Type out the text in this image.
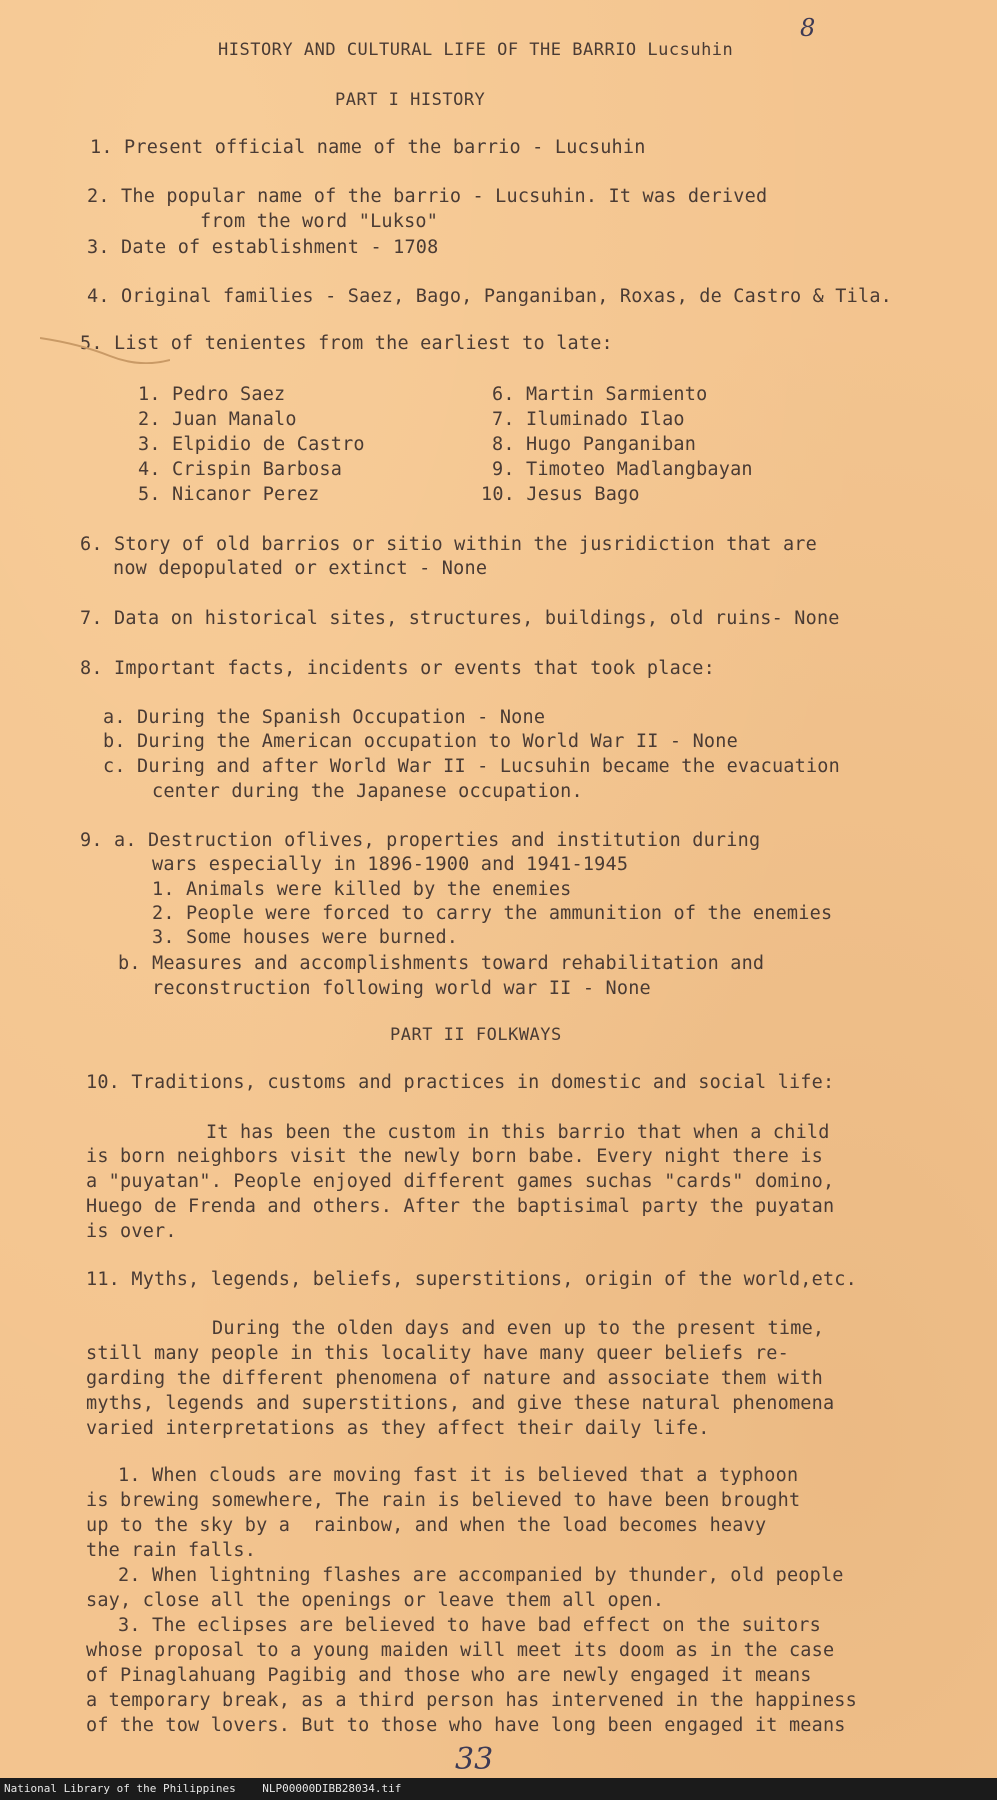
HISTORY AND CULTURAL LIFE OF THE BARRIO Lucsuhin
8
PART I HISTORY
1. Present official name of the barrio - Lucsuhin
2. The popular name of the barrio - Lucsuhin. It was derived
from the word "Lukso"
3. Date of establishment - 1708
4. Original families - Saez, Bago, Panganiban, Roxas, de Castro & Tila.
5. List of tenientes from the earliest to late:
1. Pedro Saez
2. Juan Manalo
3. Elpidio de Castro
4. Crispin Barbosa
5. Nicanor Perez
6. Martin Sarmiento
7. Iluminado Ilao
8. Hugo Panganiban
9. Timoteo Madlangbayan
10. Jesus Bago
6. Story of old barrios or sitio within the jusridiction that are
now depopulated or extinct - None
7. Data on historical sites, structures, buildings, old ruins- None
8. Important facts, incidents or events that took place:
a. During the Spanish Occupation - None
b. During the American occupation to World War II - None
c. During and after World War II - Lucsuhin became the evacuation
center during the Japanese occupation.
9. a. Destruction oflives, properties and institution during
wars especially in 1896-1900 and 1941-1945
1. Animals were killed by the enemies
2. People were forced to carry the ammunition of the enemies
3. Some houses were burned.
b. Measures and accomplishments toward rehabilitation and
reconstruction following world war II - None
PART II FOLKWAYS
10. Traditions, customs and practices in domestic and social life:
It has been the custom in this barrio that when a child
is born neighbors visit the newly born babe. Every night there is
a "puyatan". People enjoyed different games suchas "cards" domino,
Huego de Frenda and others. After the baptisimal party the puyatan
is over.
11. Myths, legends, beliefs, superstitions, origin of the world,etc.
During the olden days and even up to the present time,
still many people in this locality have many queer beliefs re-
garding the different phenomena of nature and associate them with
myths, legends and superstitions, and give these natural phenomena
varied interpretations as they affect their daily life.
1. When clouds are moving fast it is believed that a typhoon
is brewing somewhere, The rain is believed to have been brought
up to the sky by a  rainbow, and when the load becomes heavy
the rain falls.
2. When lightning flashes are accompanied by thunder, old people
say, close all the openings or leave them all open.
3. The eclipses are believed to have bad effect on the suitors
whose proposal to a young maiden will meet its doom as in the case
of Pinaglahuang Pagibig and those who are newly engaged it means
a temporary break, as a third person has intervened in the happiness
of the tow lovers. But to those who have long been engaged it means
33
National Library of the Philippines    NLP00000DIBB28034.tif
